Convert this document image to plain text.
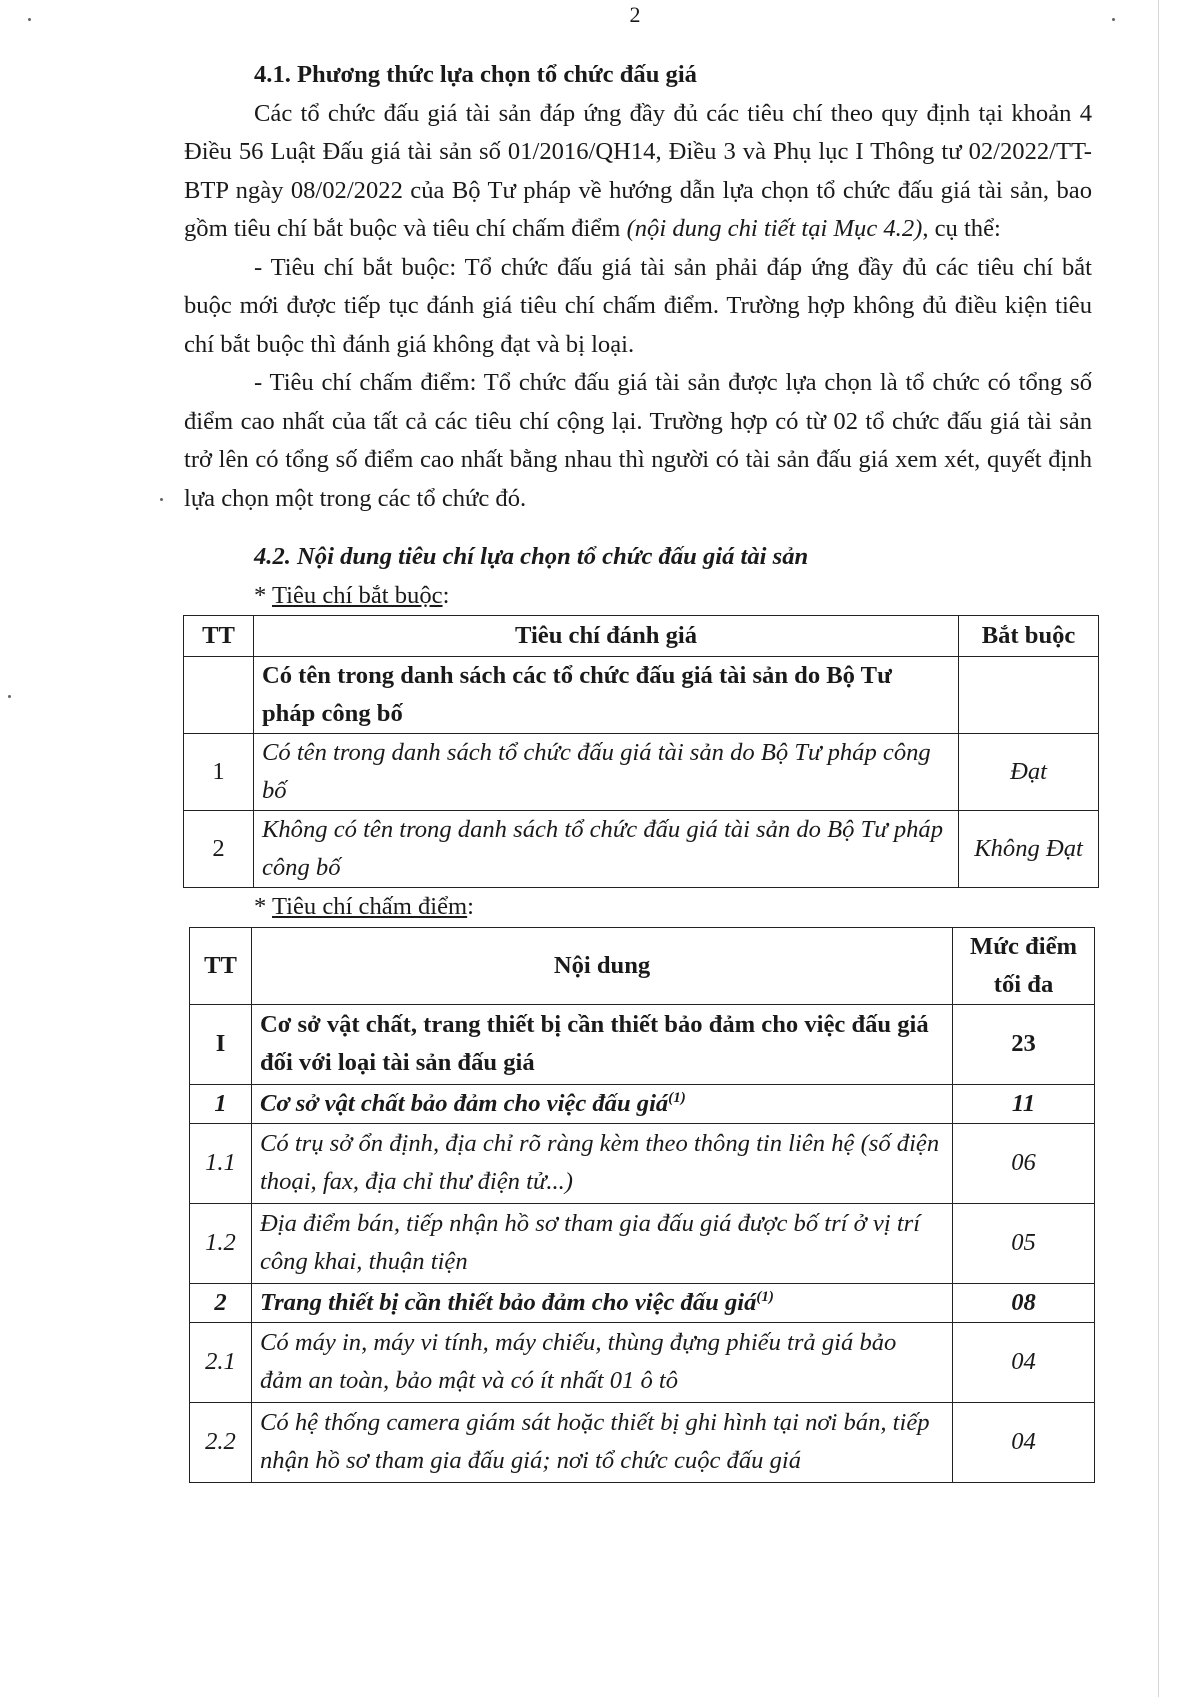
2

4.1. Phương thức lựa chọn tổ chức đấu giá

Các tổ chức đấu giá tài sản đáp ứng đầy đủ các tiêu chí theo quy định tại khoản 4 Điều 56 Luật Đấu giá tài sản số 01/2016/QH14, Điều 3 và Phụ lục I Thông tư 02/2022/TT-BTP ngày 08/02/2022 của Bộ Tư pháp về hướng dẫn lựa chọn tổ chức đấu giá tài sản, bao gồm tiêu chí bắt buộc và tiêu chí chấm điểm (nội dung chi tiết tại Mục 4.2), cụ thể:

- Tiêu chí bắt buộc: Tổ chức đấu giá tài sản phải đáp ứng đầy đủ các tiêu chí bắt buộc mới được tiếp tục đánh giá tiêu chí chấm điểm. Trường hợp không đủ điều kiện tiêu chí bắt buộc thì đánh giá không đạt và bị loại.

- Tiêu chí chấm điểm: Tổ chức đấu giá tài sản được lựa chọn là tổ chức có tổng số điểm cao nhất của tất cả các tiêu chí cộng lại. Trường hợp có từ 02 tổ chức đấu giá tài sản trở lên có tổng số điểm cao nhất bằng nhau thì người có tài sản đấu giá xem xét, quyết định lựa chọn một trong các tổ chức đó.

4.2. Nội dung tiêu chí lựa chọn tổ chức đấu giá tài sản

* Tiêu chí bắt buộc:

TT	Tiêu chí đánh giá	Bắt buộc
	Có tên trong danh sách các tổ chức đấu giá tài sản do Bộ Tư pháp công bố	
1	Có tên trong danh sách tổ chức đấu giá tài sản do Bộ Tư pháp công bố	Đạt
2	Không có tên trong danh sách tổ chức đấu giá tài sản do Bộ Tư pháp công bố	Không Đạt

* Tiêu chí chấm điểm:

TT	Nội dung	Mức điểm tối đa
I	Cơ sở vật chất, trang thiết bị cần thiết bảo đảm cho việc đấu giá đối với loại tài sản đấu giá	23
1	Cơ sở vật chất bảo đảm cho việc đấu giá$^{(1)}$	11
1.1	Có trụ sở ổn định, địa chỉ rõ ràng kèm theo thông tin liên hệ (số điện thoại, fax, địa chỉ thư điện tử...)	06
1.2	Địa điểm bán, tiếp nhận hồ sơ tham gia đấu giá được bố trí ở vị trí công khai, thuận tiện	05
2	Trang thiết bị cần thiết bảo đảm cho việc đấu giá$^{(1)}$	08
2.1	Có máy in, máy vi tính, máy chiếu, thùng đựng phiếu trả giá bảo đảm an toàn, bảo mật và có ít nhất 01 ô tô	04
2.2	Có hệ thống camera giám sát hoặc thiết bị ghi hình tại nơi bán, tiếp nhận hồ sơ tham gia đấu giá; nơi tổ chức cuộc đấu giá	04
